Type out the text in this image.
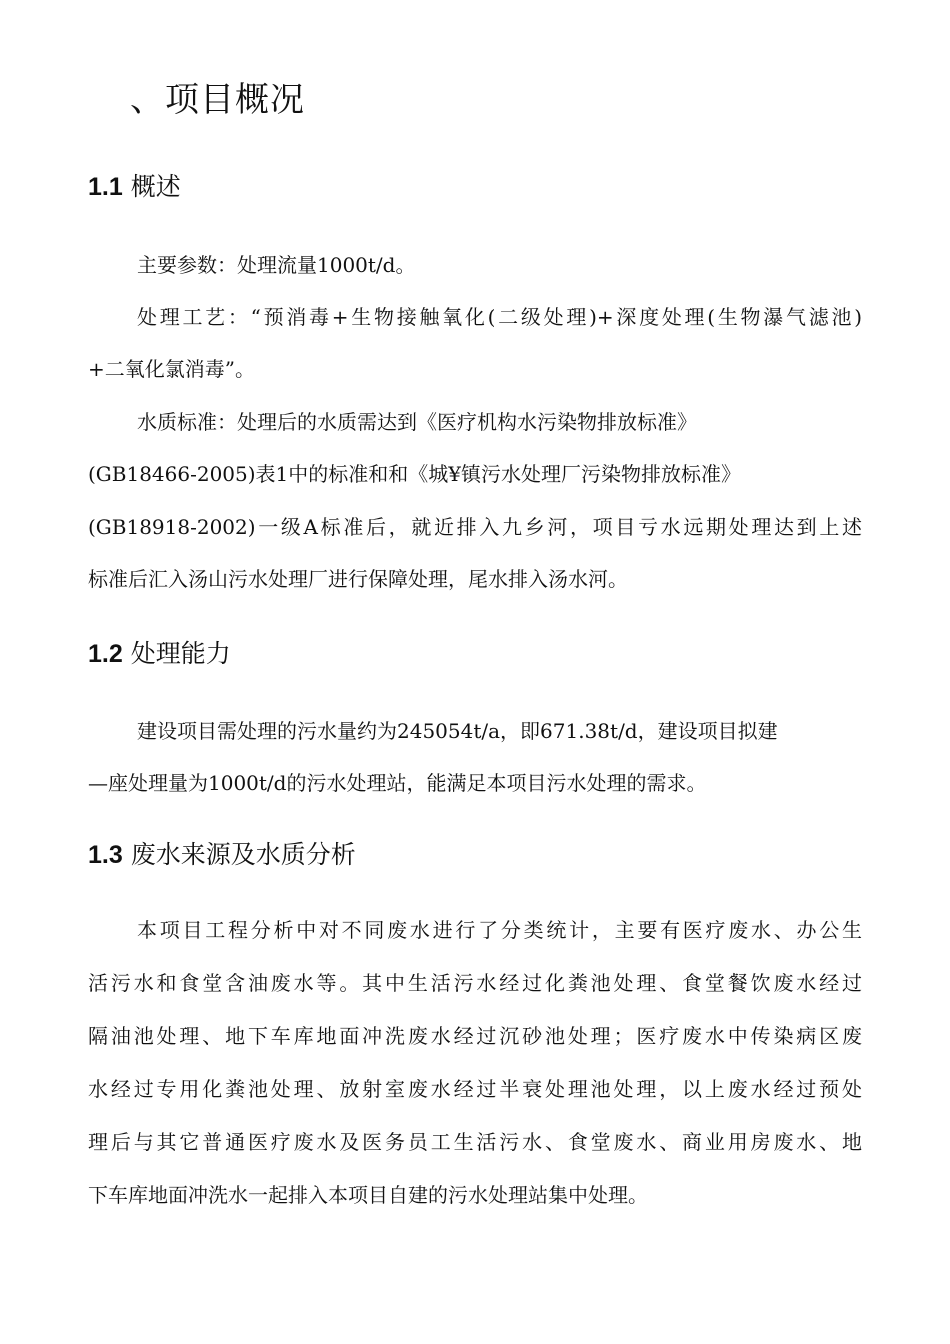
、项目概况
1.1 概述
主要参数：处理流量1000t/d。
处理工艺：“预消毒+生物接触氧化(二级处理)+深度处理(生物瀑气滤池)
+二氧化氯消毒”。
水质标准：处理后的水质需达到《医疗机构水污染物排放标准》
(GB18466-2005)表1中的标准和和《城¥镇污水处理厂污染物排放标准》
(GB18918-2002)一级A标准后，就近排入九乡河，项目亏水远期处理达到上述
标准后汇入汤山污水处理厂进行保障处理，尾水排入汤水河。
1.2 处理能力
建设项目需处理的污水量约为245054t/a，即671.38t/d，建设项目拟建
—座处理量为1000t/d的污水处理站，能满足本项目污水处理的需求。
1.3 废水来源及水质分析
本项目工程分析中对不同废水进行了分类统计，主要有医疗废水、办公生
活污水和食堂含油废水等。其中生活污水经过化粪池处理、食堂餐饮废水经过
隔油池处理、地下车库地面冲洗废水经过沉砂池处理；医疗废水中传染病区废
水经过专用化粪池处理、放射室废水经过半衰处理池处理，以上废水经过预处
理后与其它普通医疗废水及医务员工生活污水、食堂废水、商业用房废水、地
下车库地面冲洗水一起排入本项目自建的污水处理站集中处理。
